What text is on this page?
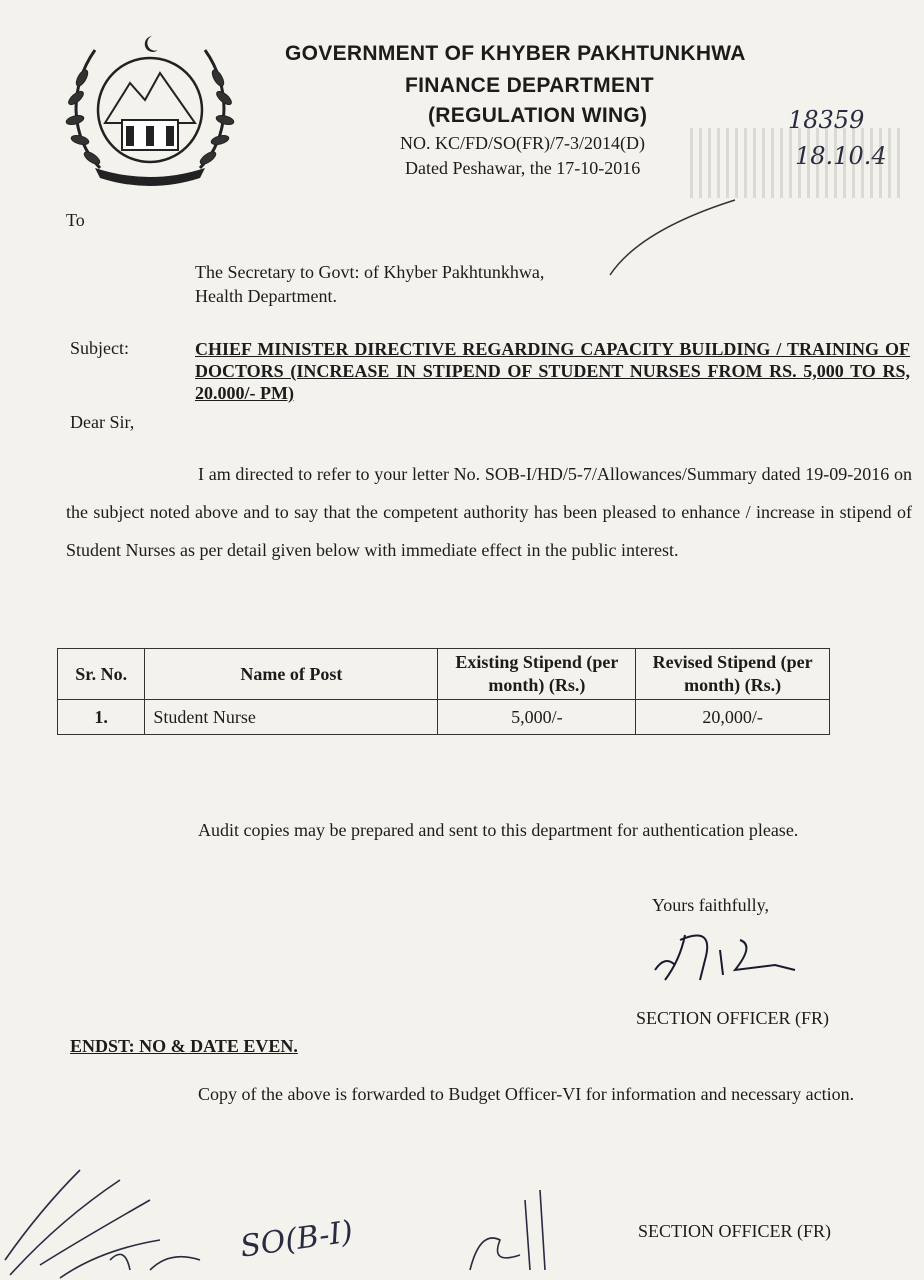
GOVERNMENT OF KHYBER PAKHTUNKHWA
FINANCE DEPARTMENT
(REGULATION WING)
NO. KC/FD/SO(FR)/7-3/2014(D)
Dated Peshawar, the 17-10-2016
18359
18.10.4
To
The Secretary to Govt: of Khyber Pakhtunkhwa,
Health Department.
Subject:	CHIEF MINISTER DIRECTIVE REGARDING CAPACITY BUILDING / TRAINING OF DOCTORS (INCREASE IN STIPEND OF STUDENT NURSES FROM RS. 5,000 TO RS, 20.000/- PM)
Dear Sir,
I am directed to refer to your letter No. SOB-I/HD/5-7/Allowances/Summary dated 19-09-2016 on the subject noted above and to say that the competent authority has been pleased to enhance / increase in stipend of Student Nurses as per detail given below with immediate effect in the public interest.
Sr. No.	Name of Post	Existing Stipend (per month) (Rs.)	Revised Stipend (per month) (Rs.)
1.	Student Nurse	5,000/-	20,000/-
Audit copies may be prepared and sent to this department for authentication please.
Yours faithfully,
SECTION OFFICER (FR)
ENDST: NO & DATE EVEN.
Copy of the above is forwarded to Budget Officer-VI for information and necessary action.
SO(B-I)	SECTION OFFICER (FR)
